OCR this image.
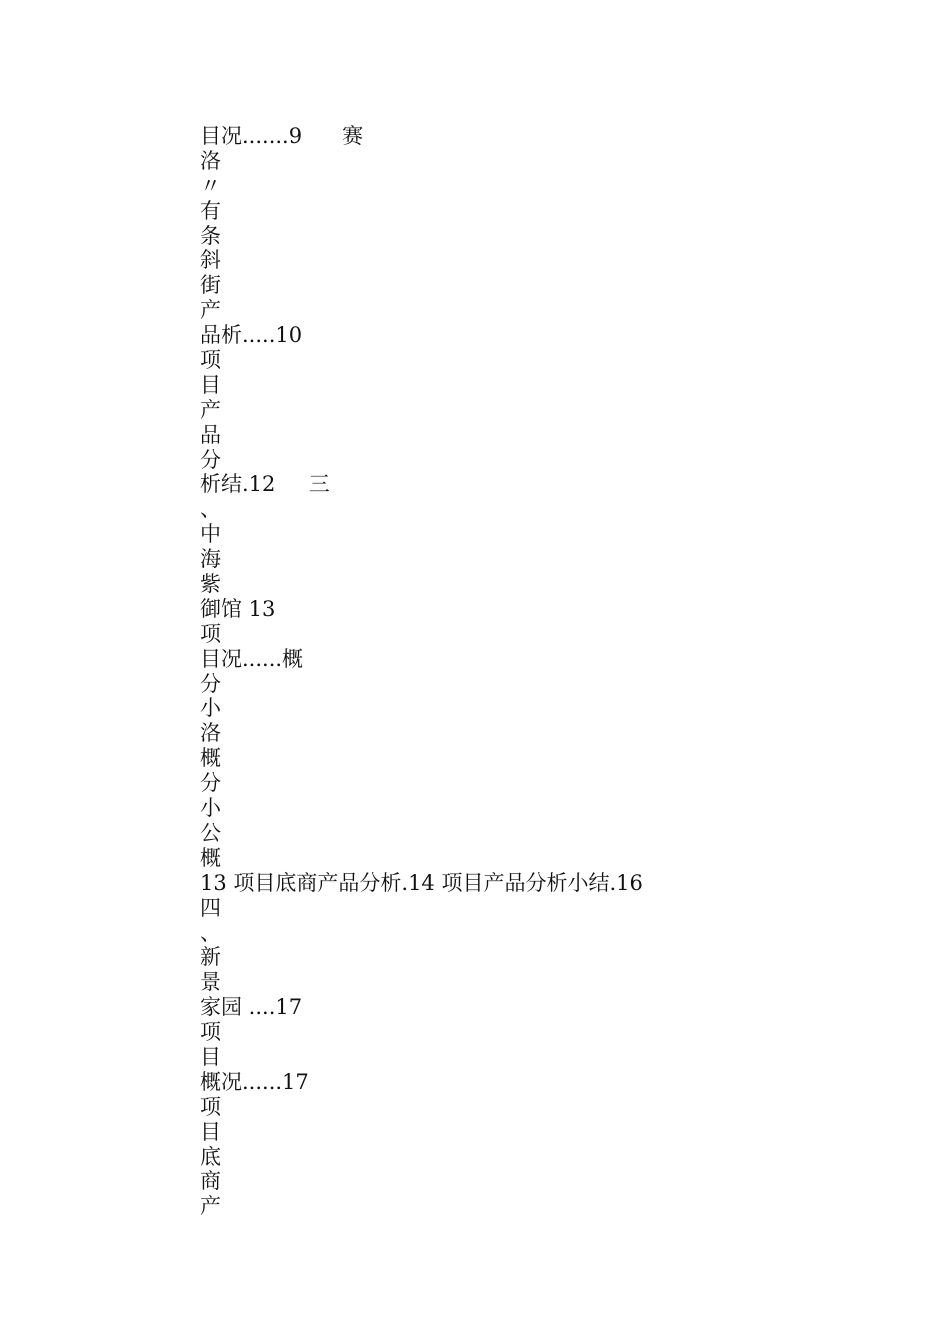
目况.......9      赛
洛
〃
有
条
斜
街
产
品析.....10
项
目
产
品
分
析结.12     三
、
中
海
紫
御馆 13
项
目况......概
分
小
洛
概
分
小
公
概
13 项目底商产品分析.14 项目产品分析小结.16
四
、
新
景
家园 ....17
项
目
概况......17
项
目
底
商
产
